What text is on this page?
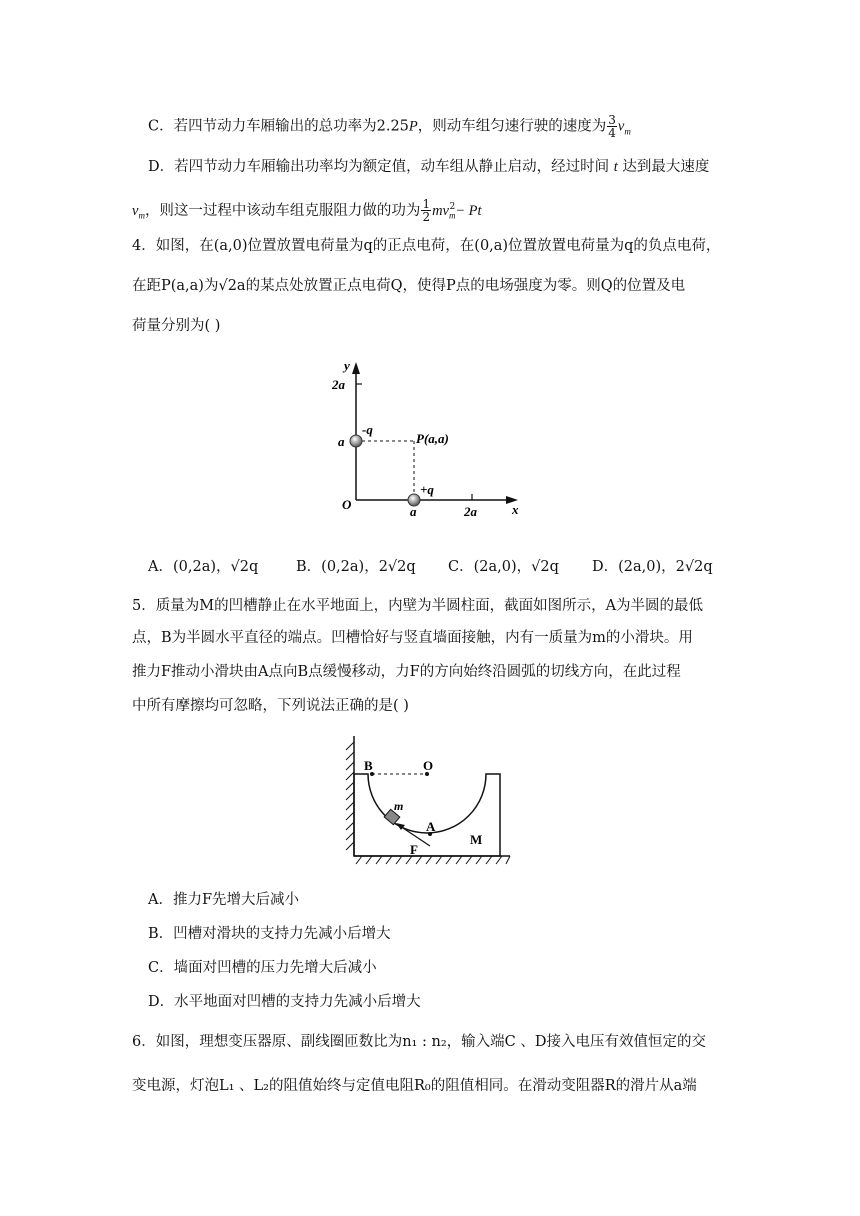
C．若四节动力车厢输出的总功率为2.25P，则动车组匀速行驶的速度为 $\frac{3}{4} v_m$
D．若四节动力车厢输出功率均为额定值，动车组从静止启动，经过时间 t 达到最大速度
$v_m$，则这一过程中该动车组克服阻力做的功为 $\frac{1}{2} mv_m^2- Pt$
4．如图，在(a,0)位置放置电荷量为q的正点电荷，在(0,a)位置放置电荷量为q的负点电荷，
在距P(a,a)为√2a的某点处放置正点电荷Q，使得P点的电场强度为零。则Q的位置及电
荷量分别为( )
y
2a
a
-q
P(a,a)
O
+q
a	2a	x
A．(0,2a)，√2q	B．(0,2a)，2√2q C．(2a,0)，√2q D．(2a,0)，2√2q
5．质量为M的凹槽静止在水平地面上，内壁为半圆柱面，截面如图所示，A为半圆的最低
点，B为半圆水平直径的端点。凹槽恰好与竖直墙面接触，内有一质量为m的小滑块。用
推力F推动小滑块由A点向B点缓慢移动，力F的方向始终沿圆弧的切线方向，在此过程
中所有摩擦均可忽略，下列说法正确的是( )
B	O
m
A
F
M
A．推力F先增大后减小
B．凹槽对滑块的支持力先减小后增大
C．墙面对凹槽的压力先增大后减小
D．水平地面对凹槽的支持力先减小后增大
6．如图，理想变压器原、副线圈匝数比为n₁ : n₂，输入端C 、D接入电压有效值恒定的交
变电源，灯泡L₁ 、L₂的阻值始终与定值电阻R₀的阻值相同。在滑动变阻器R的滑片从a端
